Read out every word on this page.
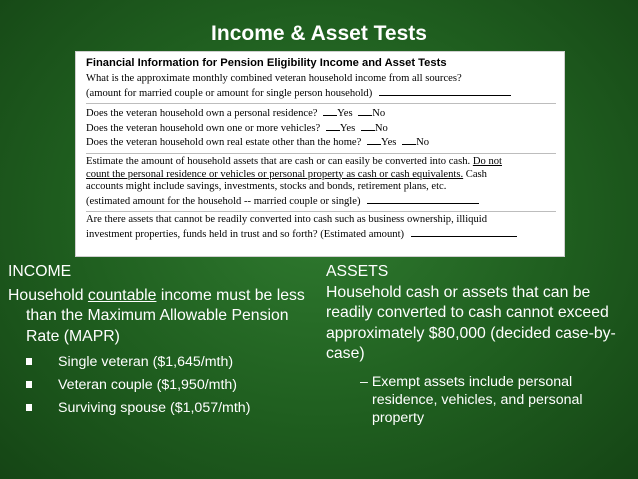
Income & Asset Tests
Financial Information for Pension Eligibility Income and Asset Tests
What is the approximate monthly combined veteran household income from all sources?
(amount for married couple or amount for single person household)
Does the veteran household own a personal residence? Yes No
Does the veteran household own one or more vehicles? Yes No
Does the veteran household own real estate other than the home? Yes No
Estimate the amount of household assets that are cash or can easily be converted into cash. Do not
count the personal residence or vehicles or personal property as cash or cash equivalents. Cash
accounts might include savings, investments, stocks and bonds, retirement plans, etc.
(estimated amount for the household -- married couple or single)
Are there assets that cannot be readily converted into cash such as business ownership, illiquid
investment properties, funds held in trust and so forth? (Estimated amount)

INCOME

Household countable income must be less than the Maximum Allowable Pension Rate (MAPR)

Single veteran ($1,645/mth)
Veteran couple ($1,950/mth)
Surviving spouse ($1,057/mth)

ASSETS

Household cash or assets that can be readily converted to cash cannot exceed approximately $80,000 (decided case-by-case)

– Exempt assets include personal residence, vehicles, and personal property
